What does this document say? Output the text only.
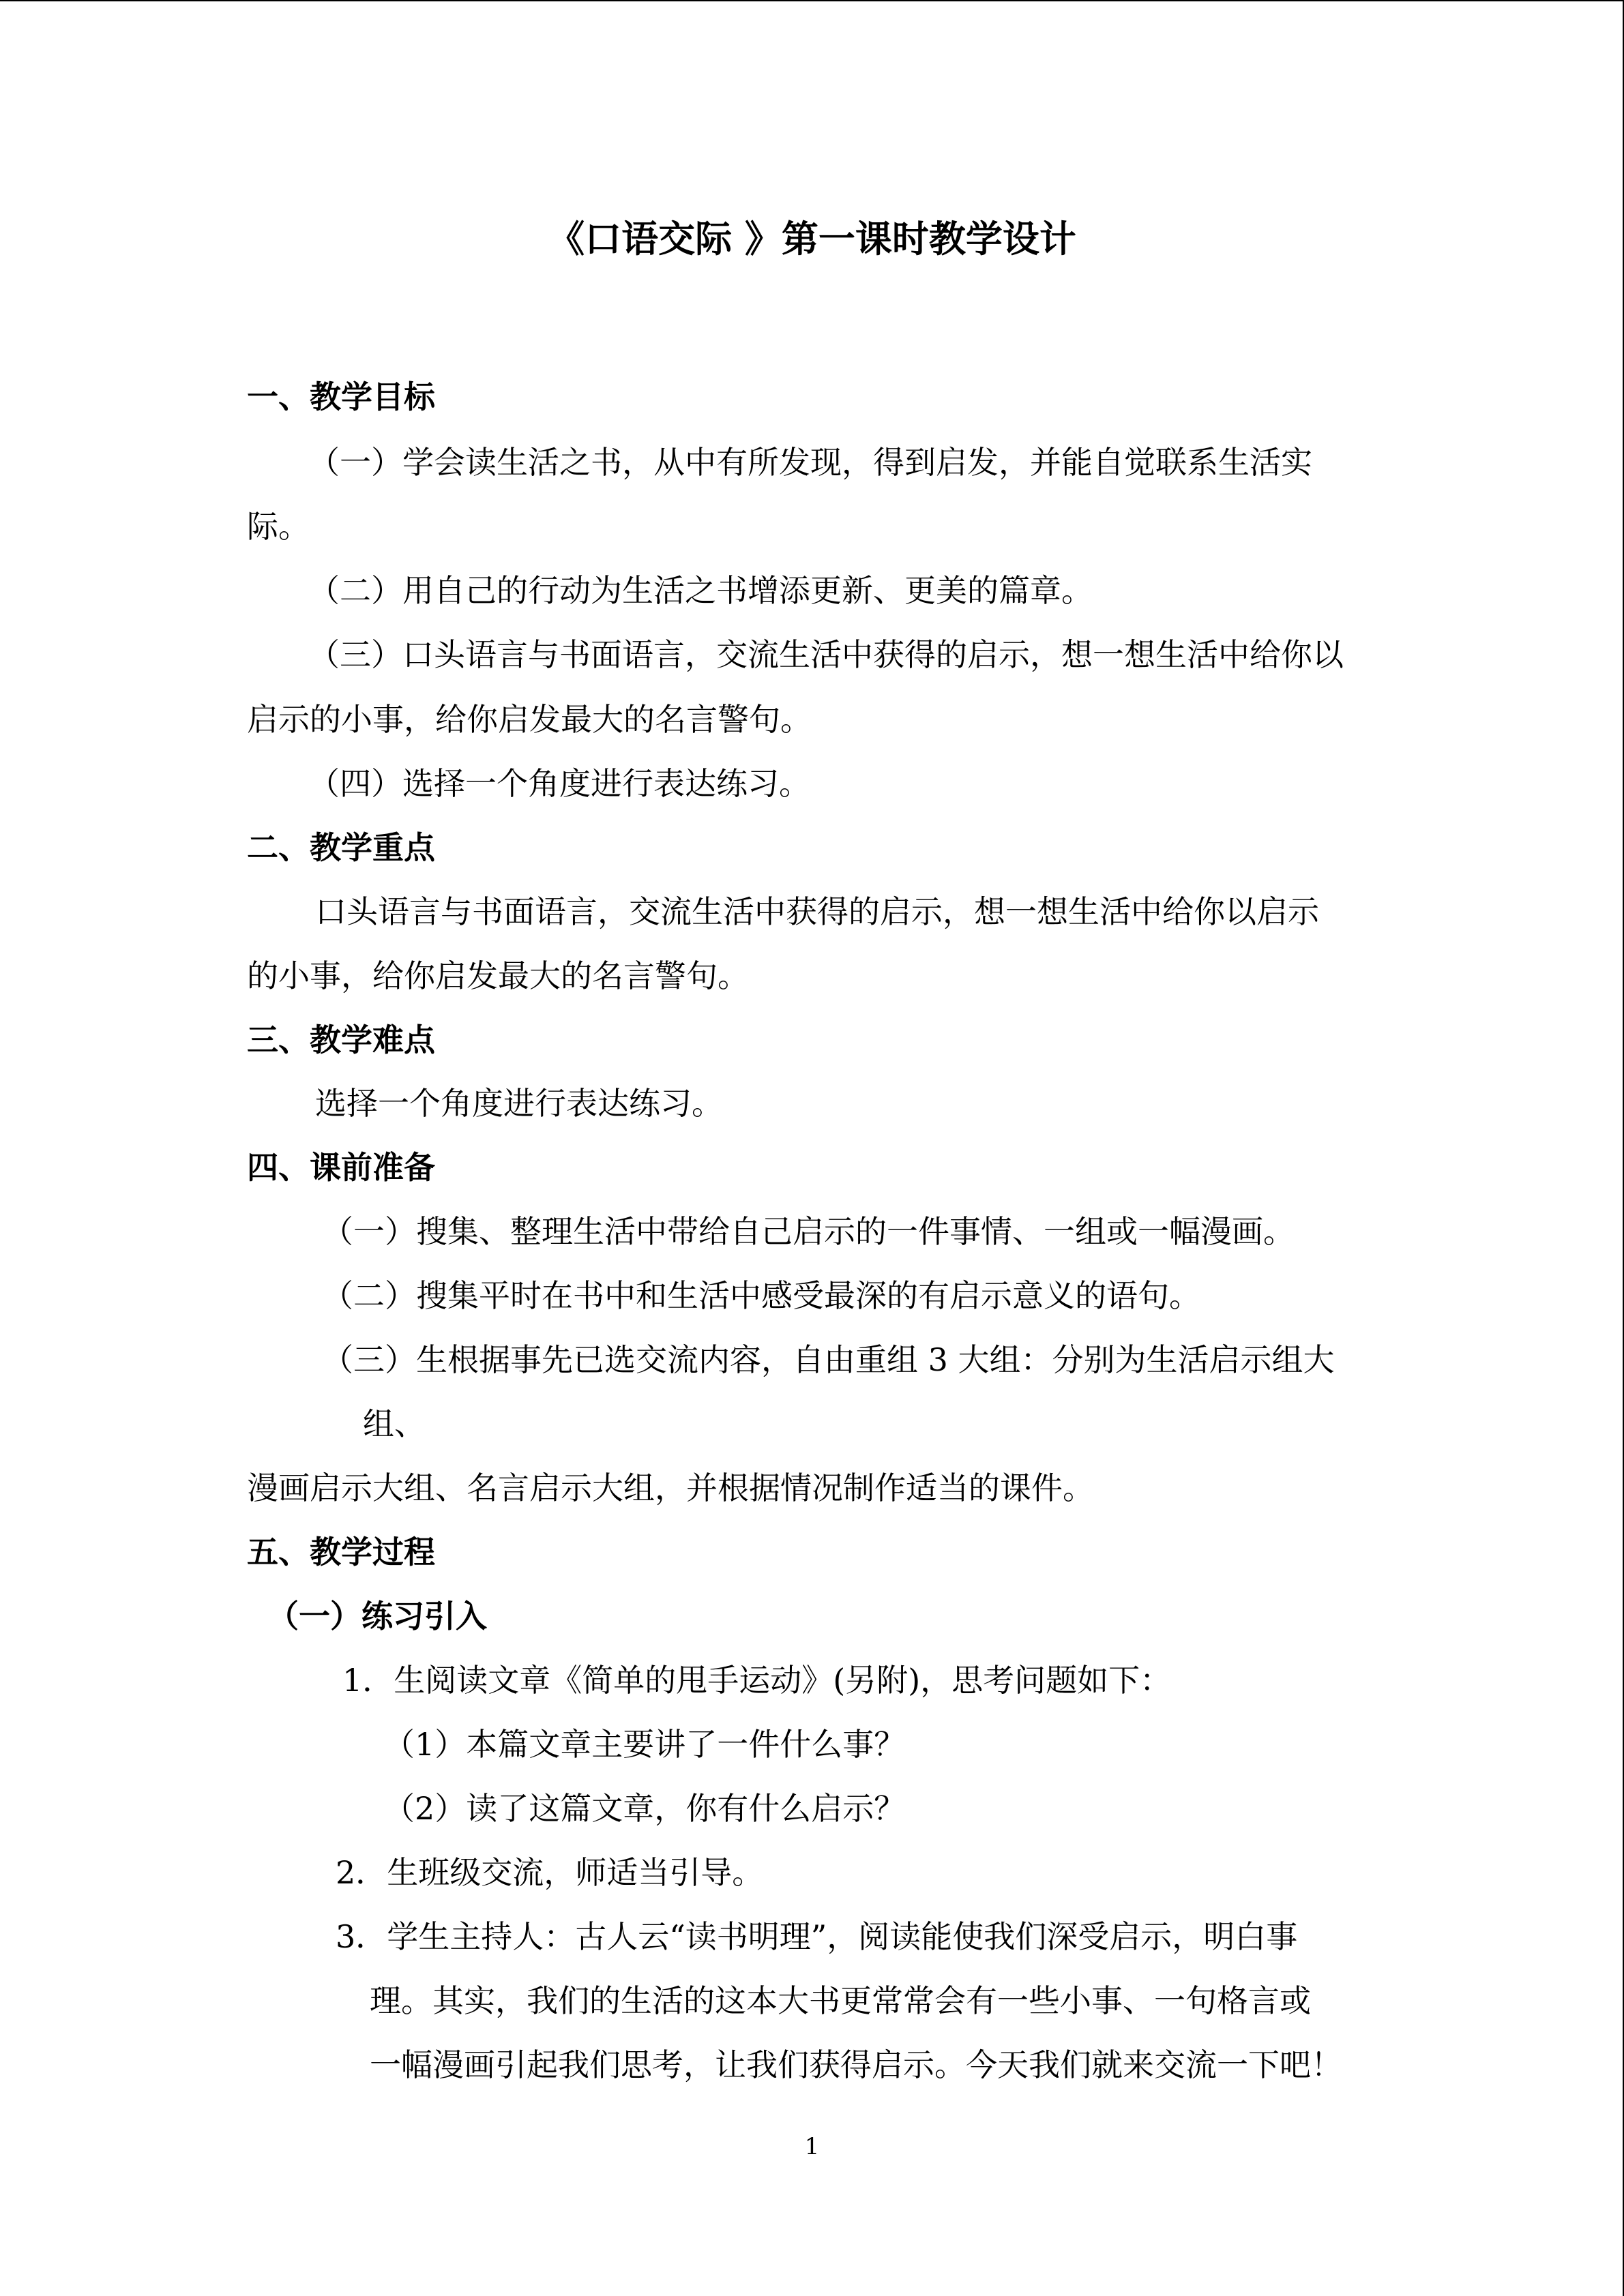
《口语交际 》第一课时教学设计
一、教学目标
（一）学会读生活之书，从中有所发现，得到启发，并能自觉联系生活实
际。
（二）用自己的行动为生活之书增添更新、更美的篇章。
（三）口头语言与书面语言，交流生活中获得的启示，想一想生活中给你以
启示的小事，给你启发最大的名言警句。
（四）选择一个角度进行表达练习。
二、教学重点
口头语言与书面语言，交流生活中获得的启示，想一想生活中给你以启示
的小事，给你启发最大的名言警句。
三、教学难点
选择一个角度进行表达练习。
四、课前准备
（一）搜集、整理生活中带给自己启示的一件事情、一组或一幅漫画。
（二）搜集平时在书中和生活中感受最深的有启示意义的语句。
（三）生根据事先已选交流内容，自由重组 3 大组：分别为生活启示组大
组、
漫画启示大组、名言启示大组，并根据情况制作适当的课件。
五、教学过程
（一）练习引入
1．生阅读文章《简单的甩手运动》(另附)，思考问题如下：
（1）本篇文章主要讲了一件什么事？
（2）读了这篇文章，你有什么启示？
2．生班级交流，师适当引导。
3．学生主持人：古人云“读书明理”，阅读能使我们深受启示，明白事
理。其实，我们的生活的这本大书更常常会有一些小事、一句格言或
一幅漫画引起我们思考，让我们获得启示。今天我们就来交流一下吧！
1
